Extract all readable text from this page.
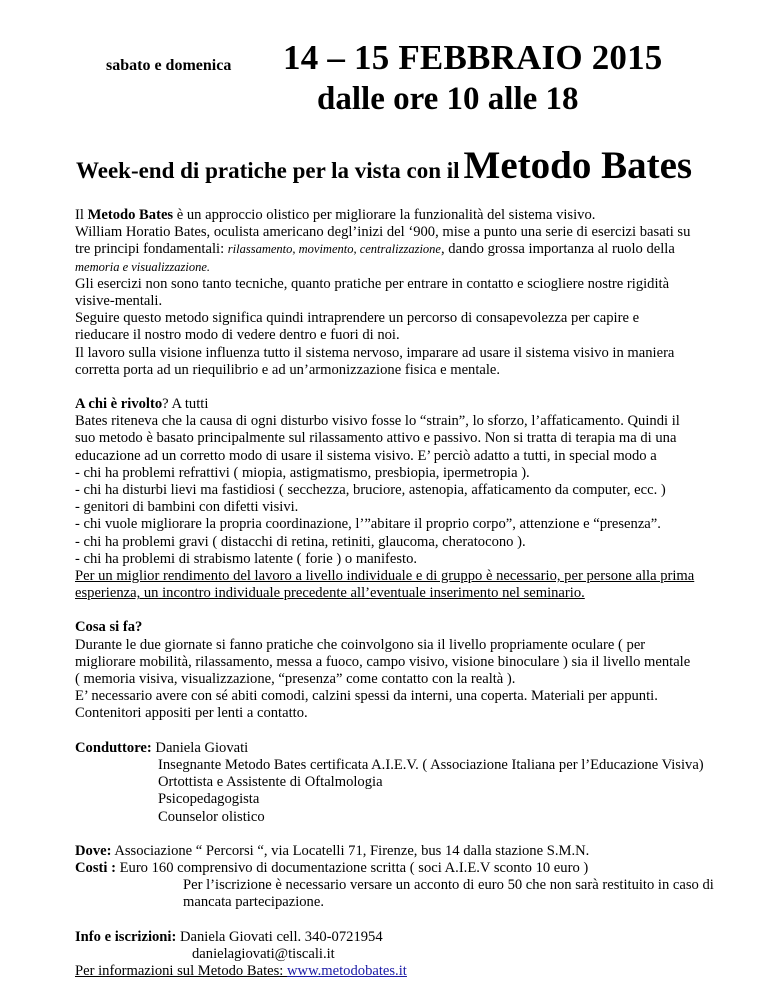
sabato e domenica 14 – 15 FEBBRAIO 2015
dalle ore 10 alle 18
Week-end di pratiche per la vista con il Metodo Bates

Il Metodo Bates è un approccio olistico per migliorare la funzionalità del sistema visivo.

William Horatio Bates, oculista americano degl’inizi del ‘900, mise a punto una serie di esercizi basati su

tre principi fondamentali: rilassamento, movimento, centralizzazione, dando grossa importanza al ruolo della

memoria e visualizzazione.

Gli esercizi non sono tanto tecniche, quanto pratiche per entrare in contatto e sciogliere nostre rigidità

visive-mentali.

Seguire questo metodo significa quindi intraprendere un percorso di consapevolezza per capire e

rieducare il nostro modo di vedere dentro e fuori di noi.

Il lavoro sulla visione influenza tutto il sistema nervoso, imparare ad usare il sistema visivo in maniera

corretta porta ad un riequilibrio e ad un’armonizzazione fisica e mentale.

A chi è rivolto? A tutti

Bates riteneva che la causa di ogni disturbo visivo fosse lo “strain”, lo sforzo, l’affaticamento. Quindi il

suo metodo è basato principalmente sul rilassamento attivo e passivo. Non si tratta di terapia ma di una

educazione ad un corretto modo di usare il sistema visivo. E’ perciò adatto a tutti, in special modo a

- chi ha problemi refrattivi ( miopia, astigmatismo, presbiopia, ipermetropia ).

- chi ha disturbi lievi ma fastidiosi ( secchezza, bruciore, astenopia, affaticamento da computer, ecc. )

- genitori di bambini con difetti visivi.

- chi vuole migliorare la propria coordinazione, l’”abitare il proprio corpo”, attenzione e “presenza”.

- chi ha problemi gravi ( distacchi di retina, retiniti, glaucoma, cheratocono ).

- chi ha problemi di strabismo latente ( forie ) o manifesto.

Per un miglior rendimento del lavoro a livello individuale e di gruppo è necessario, per persone alla prima

esperienza, un incontro individuale precedente all’eventuale inserimento nel seminario.

Cosa si fa?

Durante le due giornate si fanno pratiche che coinvolgono sia il livello propriamente oculare ( per

migliorare mobilità, rilassamento, messa a fuoco, campo visivo, visione binoculare ) sia il livello mentale

( memoria visiva, visualizzazione, “presenza” come contatto con la realtà ).

E’ necessario avere con sé abiti comodi, calzini spessi da interni, una coperta. Materiali per appunti.

Contenitori appositi per lenti a contatto.

Conduttore: Daniela Giovati

Insegnante Metodo Bates certificata A.I.E.V. ( Associazione Italiana per l’Educazione Visiva)

Ortottista e Assistente di Oftalmologia

Psicopedagogista

Counselor olistico

Dove: Associazione “ Percorsi “, via Locatelli 71, Firenze, bus 14 dalla stazione S.M.N.

Costi : Euro 160 comprensivo di documentazione scritta ( soci A.I.E.V sconto 10 euro )

Per l’iscrizione è necessario versare un acconto di euro 50 che non sarà restituito in caso di

mancata partecipazione.

Info e iscrizioni: Daniela Giovati cell. 340-0721954

danielagiovati@tiscali.it

Per informazioni sul Metodo Bates: www.metodobates.it
